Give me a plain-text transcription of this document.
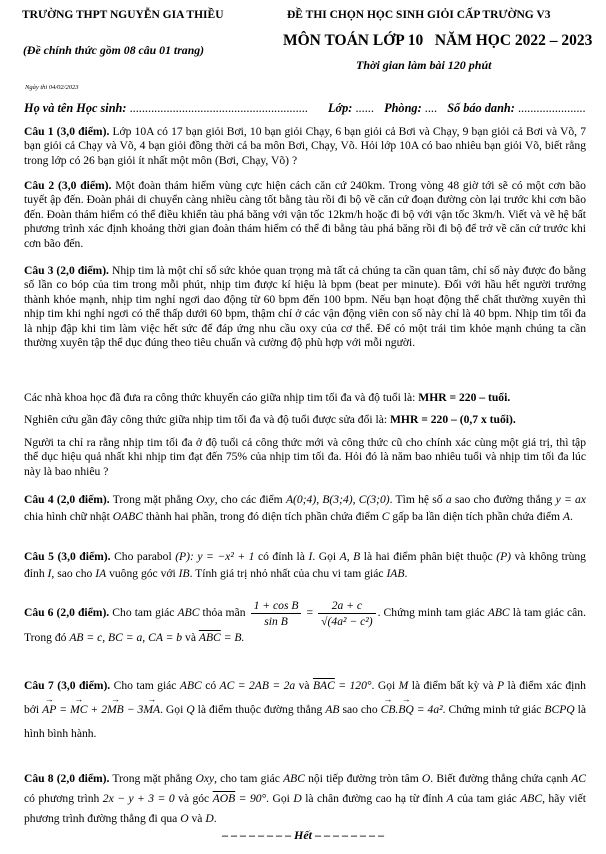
TRƯỜNG THPT NGUYỄN GIA THIỀU	ĐỀ THI CHỌN HỌC SINH GIỎI CẤP TRƯỜNG V3
(Đề chính thức gồm 08 câu 01 trang)
MÔN TOÁN LỚP 10 NĂM HỌC 2022 – 2023
Thời gian làm bài 120 phút
Ngày thi 04/02/2023
Họ và tên Học sinh: .......................................................... Lớp: ...... Phòng: .... Số báo danh: ......................
Câu 1 (3,0 điểm). Lớp 10A có 17 bạn giỏi Bơi, 10 bạn giỏi Chạy, 6 bạn giỏi cả Bơi và Chạy, 9 bạn giỏi cả Bơi và Võ, 7 bạn giỏi cả Chạy và Võ, 4 bạn giỏi đồng thời cả ba môn Bơi, Chạy, Võ. Hỏi lớp 10A có bao nhiêu bạn giỏi Võ, biết rằng trong lớp có 26 bạn giỏi ít nhất một môn (Bơi, Chạy, Võ) ?
Câu 2 (3,0 điểm). Một đoàn thám hiểm vùng cực hiện cách căn cứ 240km. Trong vòng 48 giờ tới sẽ có một cơn bão tuyết ập đến. Đoàn phải di chuyển càng nhiều càng tốt bằng tàu rồi đi bộ về căn cứ đoạn đường còn lại trước khi cơn bão đến. Đoàn thám hiểm có thể điều khiển tàu phá băng với vận tốc 12km/h hoặc đi bộ với vận tốc 3km/h. Viết và vẽ hệ bất phương trình xác định khoảng thời gian đoàn thám hiểm có thể đi bằng tàu phá băng rồi đi bộ để trở về căn cứ trước khi cơn bão đến.
Câu 3 (2,0 điểm). Nhịp tim là một chỉ số sức khỏe quan trọng mà tất cả chúng ta cần quan tâm, chỉ số này được đo bằng số lần co bóp của tim trong mỗi phút, nhịp tim được kí hiệu là bpm (beat per minute). Đối với hầu hết người trưởng thành khỏe mạnh, nhịp tim nghỉ ngơi dao động từ 60 bpm đến 100 bpm. Nếu bạn hoạt động thể chất thường xuyên thì nhịp tim khi nghỉ ngơi có thể thấp dưới 60 bpm, thậm chí ở các vận động viên con số này chỉ là 40 bpm. Nhịp tim tối đa là nhịp đập khi tim làm việc hết sức để đáp ứng nhu cầu oxy của cơ thể. Để có một trái tim khỏe mạnh chúng ta cần thường xuyên tập thể dục đúng theo tiêu chuẩn và cường độ phù hợp với mỗi người.
Các nhà khoa học đã đưa ra công thức khuyến cáo giữa nhịp tim tối đa và độ tuổi là: MHR = 220 – tuổi.
Nghiên cứu gần đây công thức giữa nhịp tim tối đa và độ tuổi được sửa đổi là: MHR = 220 – (0,7 x tuổi).
Người ta chỉ ra rằng nhịp tim tối đa ở độ tuổi cả công thức mới và công thức cũ cho chính xác cùng một giá trị, thì tập thể dục hiệu quả nhất khi nhịp tim đạt đến 75% của nhịp tim tối đa. Hỏi đó là năm bao nhiêu tuổi và nhịp tim tối đa lúc này là bao nhiêu ?
Câu 4 (2,0 điểm). Trong mặt phẳng Oxy, cho các điểm A(0;4), B(3;4), C(3;0). Tìm hệ số a sao cho đường thẳng y = ax chia hình chữ nhật OABC thành hai phần, trong đó diện tích phần chứa điểm C gấp ba lần diện tích phần chứa điểm A.
Câu 5 (3,0 điểm). Cho parabol (P): y = −x² + 1 có đỉnh là I. Gọi A, B là hai điểm phân biệt thuộc (P) và không trùng đỉnh I, sao cho IA vuông góc với IB. Tính giá trị nhỏ nhất của chu vi tam giác IAB.
Câu 6 (2,0 điểm). Cho tam giác ABC thỏa mãn $\frac{\text{1 + cos B}}{\text{sin B}} = \frac{2a + c}{\text{√(4a² − c²)}}$ . Chứng minh tam giác ABC là tam giác cân. Trong đó AB = c, BC = a, CA = b và $\overline{ABC} = B$.
Câu 7 (3,0 điểm). Cho tam giác ABC có AC = 2AB = 2a và $\overline{BAC} = 120^\circ$. Gọi M là điểm bất kỳ và P là điểm xác định bởi → AP = → MC + 2→ MB − 3→ MA. Gọi Q là điểm thuộc đường thẳng AB sao cho → CB.→ BQ = 4a². Chứng minh tứ giác BCPQ là hình bình hành.
Câu 8 (2,0 điểm). Trong mặt phẳng Oxy, cho tam giác ABC nội tiếp đường tròn tâm O. Biết đường thẳng chứa cạnh AC có phương trình 2x − y + 3 = 0 và góc $\overline{AOB} = 90^\circ$. Gọi D là chân đường cao hạ từ đỉnh A của tam giác ABC, hãy viết phương trình đường thẳng đi qua O và D.
– – – – – – – – Hết – – – – – – – –
